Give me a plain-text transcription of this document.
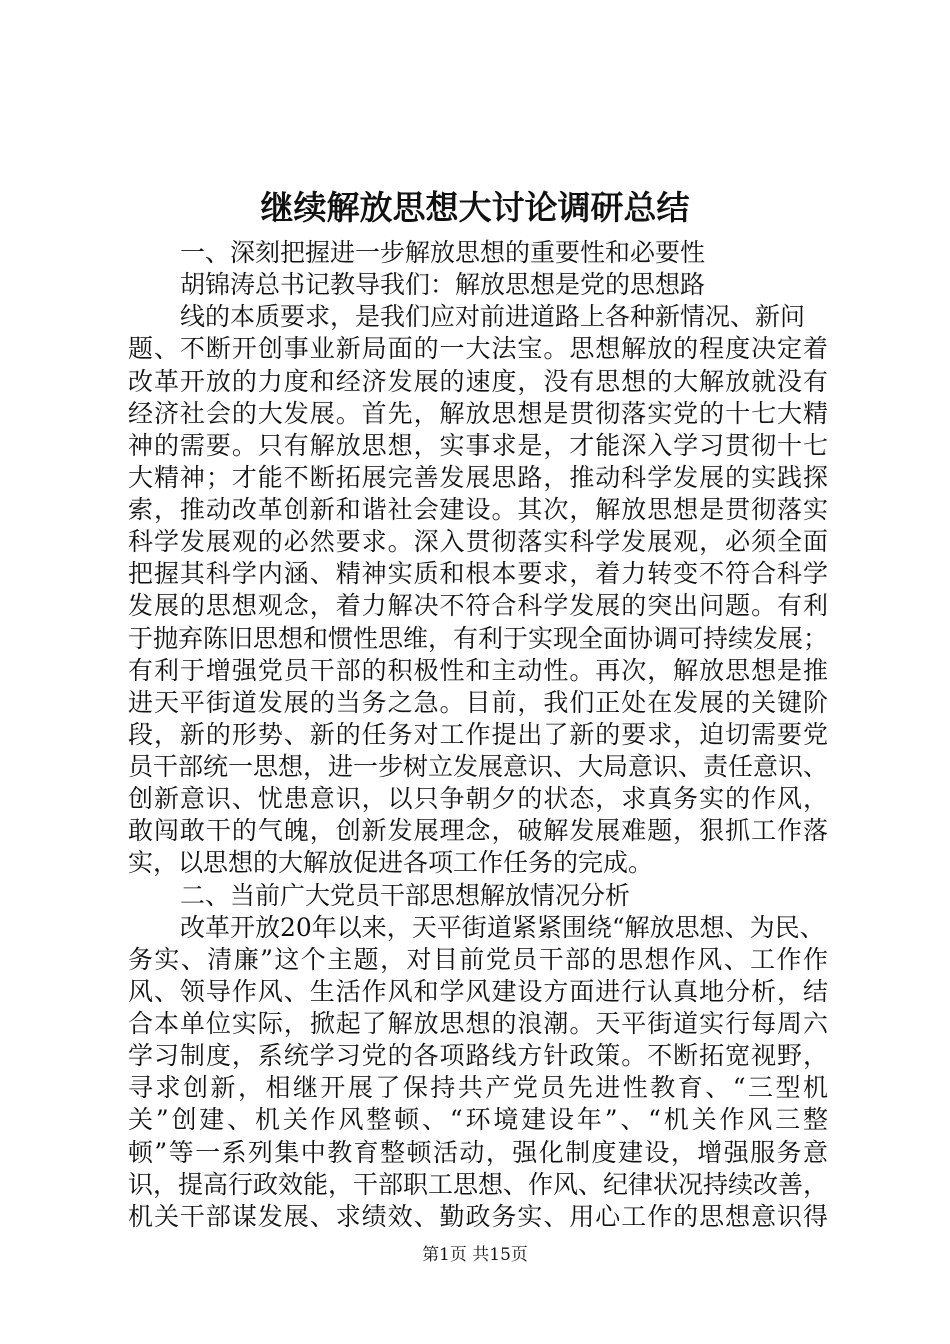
继续解放思想大讨论调研总结
一、深刻把握进一步解放思想的重要性和必要性
胡锦涛总书记教导我们：解放思想是党的思想路
线的本质要求，是我们应对前进道路上各种新情况、新问
题、不断开创事业新局面的一大法宝。思想解放的程度决定着
改革开放的力度和经济发展的速度，没有思想的大解放就没有
经济社会的大发展。首先，解放思想是贯彻落实党的十七大精
神的需要。只有解放思想，实事求是，才能深入学习贯彻十七
大精神；才能不断拓展完善发展思路，推动科学发展的实践探
索，推动改革创新和谐社会建设。其次，解放思想是贯彻落实
科学发展观的必然要求。深入贯彻落实科学发展观，必须全面
把握其科学内涵、精神实质和根本要求，着力转变不符合科学
发展的思想观念，着力解决不符合科学发展的突出问题。有利
于抛弃陈旧思想和惯性思维，有利于实现全面协调可持续发展；
有利于增强党员干部的积极性和主动性。再次，解放思想是推
进天平街道发展的当务之急。目前，我们正处在发展的关键阶
段，新的形势、新的任务对工作提出了新的要求，迫切需要党
员干部统一思想，进一步树立发展意识、大局意识、责任意识、
创新意识、忧患意识，以只争朝夕的状态，求真务实的作风，
敢闯敢干的气魄，创新发展理念，破解发展难题，狠抓工作落
实，以思想的大解放促进各项工作任务的完成。
二、当前广大党员干部思想解放情况分析
改革开放20年以来，天平街道紧紧围绕“解放思想、为民、
务实、清廉”这个主题，对目前党员干部的思想作风、工作作
风、领导作风、生活作风和学风建设方面进行认真地分析，结
合本单位实际，掀起了解放思想的浪潮。天平街道实行每周六
学习制度，系统学习党的各项路线方针政策。不断拓宽视野，
寻求创新，相继开展了保持共产党员先进性教育、“三型机
关”创建、机关作风整顿、“环境建设年”、“机关作风三整
顿”等一系列集中教育整顿活动，强化制度建设，增强服务意
识，提高行政效能，干部职工思想、作风、纪律状况持续改善，
机关干部谋发展、求绩效、勤政务实、用心工作的思想意识得
第1页 共15页
